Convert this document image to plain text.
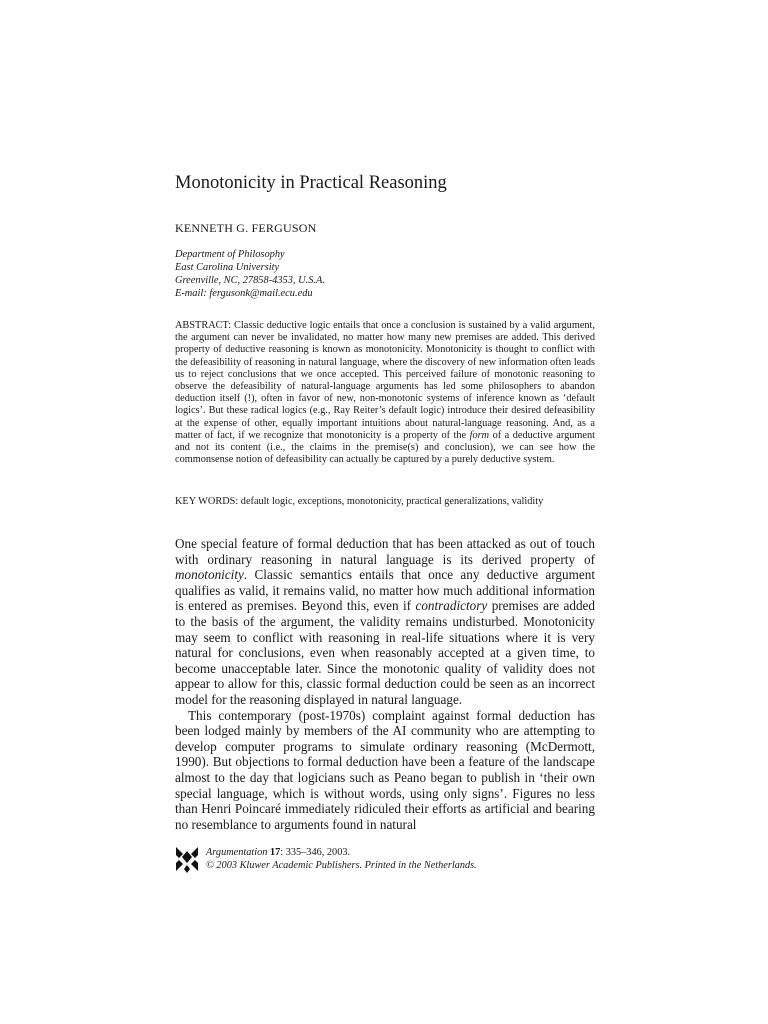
Monotonicity in Practical Reasoning
KENNETH G. FERGUSON
Department of Philosophy
East Carolina University
Greenville, NC, 27858-4353, U.S.A.
E-mail: fergusonk@mail.ecu.edu
ABSTRACT: Classic deductive logic entails that once a conclusion is sustained by a valid argument, the argument can never be invalidated, no matter how many new premises are added. This derived property of deductive reasoning is known as monotonicity. Monotonicity is thought to conflict with the defeasibility of reasoning in natural language, where the discovery of new information often leads us to reject conclusions that we once accepted. This perceived failure of monotonic reasoning to observe the defeasibility of natural-language arguments has led some philosophers to abandon deduction itself (!), often in favor of new, non-monotonic systems of inference known as ‘default logics’. But these radical logics (e.g., Ray Reiter’s default logic) introduce their desired defeasibility at the expense of other, equally important intuitions about natural-language reasoning. And, as a matter of fact, if we recognize that monotonicity is a property of the form of a deductive argument and not its content (i.e., the claims in the premise(s) and conclusion), we can see how the commonsense notion of defeasibility can actually be captured by a purely deductive system.
KEY WORDS: default logic, exceptions, monotonicity, practical generalizations, validity

One special feature of formal deduction that has been attacked as out of touch with ordinary reasoning in natural language is its derived property of monotonicity. Classic semantics entails that once any deductive argument qualifies as valid, it remains valid, no matter how much additional information is entered as premises. Beyond this, even if contradictory premises are added to the basis of the argument, the validity remains undisturbed. Monotonicity may seem to conflict with reasoning in real-life situations where it is very natural for conclusions, even when reasonably accepted at a given time, to become unacceptable later. Since the monotonic quality of validity does not appear to allow for this, classic formal deduction could be seen as an incorrect model for the reasoning displayed in natural language.

This contemporary (post-1970s) complaint against formal deduction has been lodged mainly by members of the AI community who are attempting to develop computer programs to simulate ordinary reasoning (McDermott, 1990). But objections to formal deduction have been a feature of the landscape almost to the day that logicians such as Peano began to publish in ‘their own special language, which is without words, using only signs’. Figures no less than Henri Poincaré immediately ridiculed their efforts as artificial and bearing no resemblance to arguments found in natural

Argumentation 17: 335–346, 2003.
© 2003 Kluwer Academic Publishers. Printed in the Netherlands.
